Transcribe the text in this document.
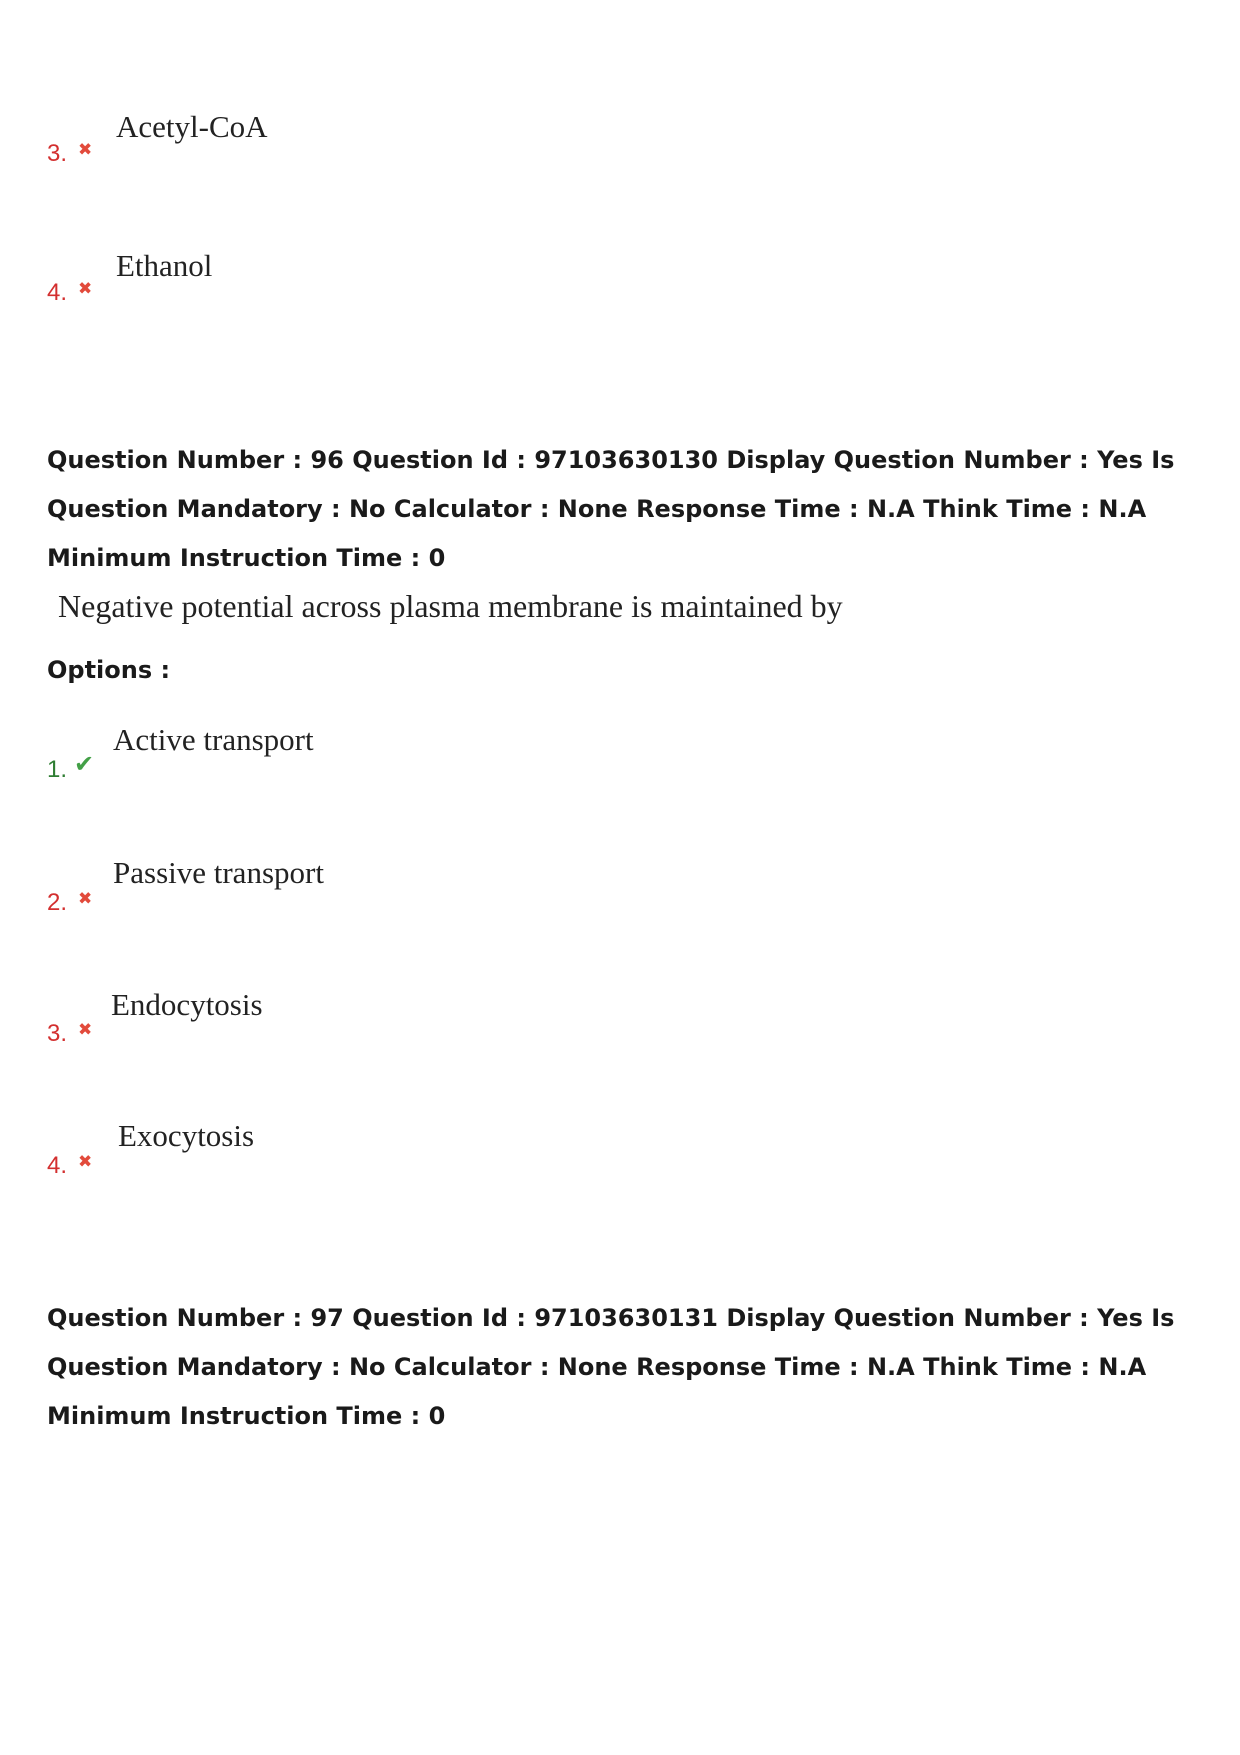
3. ✖
Acetyl-CoA
4. ✖
Ethanol
Question Number : 96 Question Id : 97103630130 Display Question Number : Yes Is Question Mandatory : No Calculator : None Response Time : N.A Think Time : N.A Minimum Instruction Time : 0
Negative potential across plasma membrane is maintained by
Options :
1. ✔
Active transport
2. ✖
Passive transport
3. ✖
Endocytosis
4. ✖
Exocytosis
Question Number : 97 Question Id : 97103630131 Display Question Number : Yes Is Question Mandatory : No Calculator : None Response Time : N.A Think Time : N.A Minimum Instruction Time : 0
